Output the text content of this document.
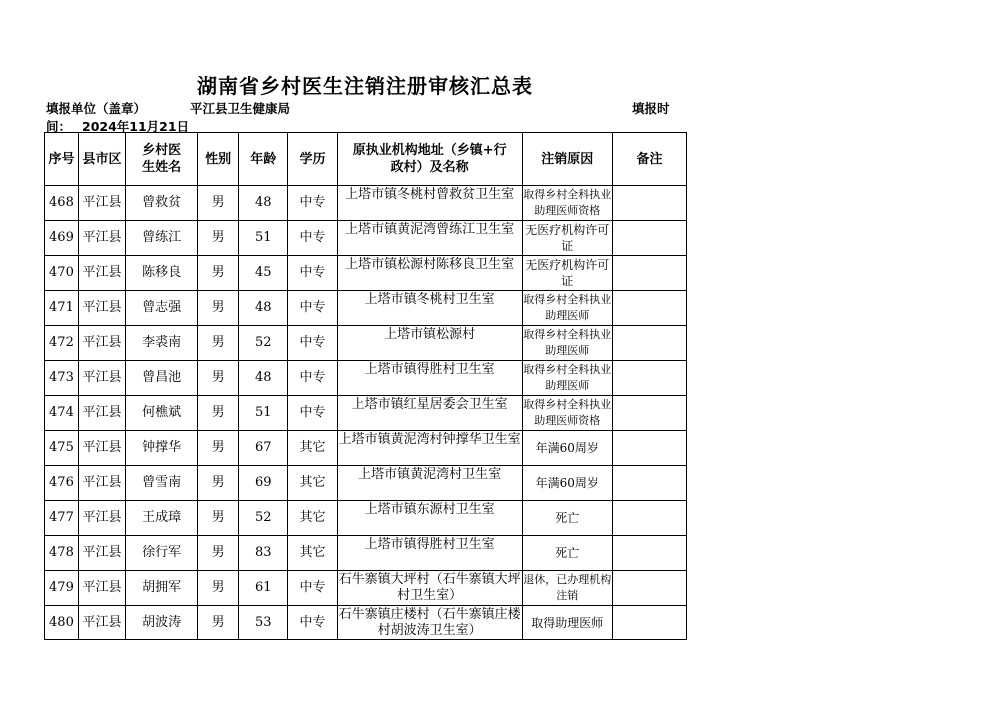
湖南省乡村医生注销注册审核汇总表
填报单位（盖章）	平江县卫生健康局	填报时
间： 2024年11月21日
序号	县市区	乡村医生姓名	性别	年龄	学历	原执业机构地址（乡镇+行政村）及名称	注销原因	备注
468	平江县	曾救贫	男	48	中专	上塔市镇冬桃村曾救贫卫生室	取得乡村全科执业助理医师资格	

469	平江县	曾练江	男	51	中专	上塔市镇黄泥湾曾练江卫生室	无医疗机构许可证	

470	平江县	陈移良	男	45	中专	上塔市镇松源村陈移良卫生室	无医疗机构许可证	

471	平江县	曾志强	男	48	中专	上塔市镇冬桃村卫生室	取得乡村全科执业助理医师	

472	平江县	李裘南	男	52	中专	上塔市镇松源村	取得乡村全科执业助理医师	

473	平江县	曾昌池	男	48	中专	上塔市镇得胜村卫生室	取得乡村全科执业助理医师	

474	平江县	何樵斌	男	51	中专	上塔市镇红星居委会卫生室	取得乡村全科执业助理医师资格	

475	平江县	钟撑华	男	67	其它	上塔市镇黄泥湾村钟撑华卫生室	年满60周岁	

476	平江县	曾雪南	男	69	其它	上塔市镇黄泥湾村卫生室	年满60周岁	

477	平江县	王成璋	男	52	其它	上塔市镇东源村卫生室	死亡	

478	平江县	徐行军	男	83	其它	上塔市镇得胜村卫生室	死亡	

479	平江县	胡拥军	男	61	中专	石牛寨镇大坪村（石牛寨镇大坪村卫生室）	退休，已办理机构注销	

480	平江县	胡波涛	男	53	中专	石牛寨镇庄楼村（石牛寨镇庄楼村胡波涛卫生室）	取得助理医师	
